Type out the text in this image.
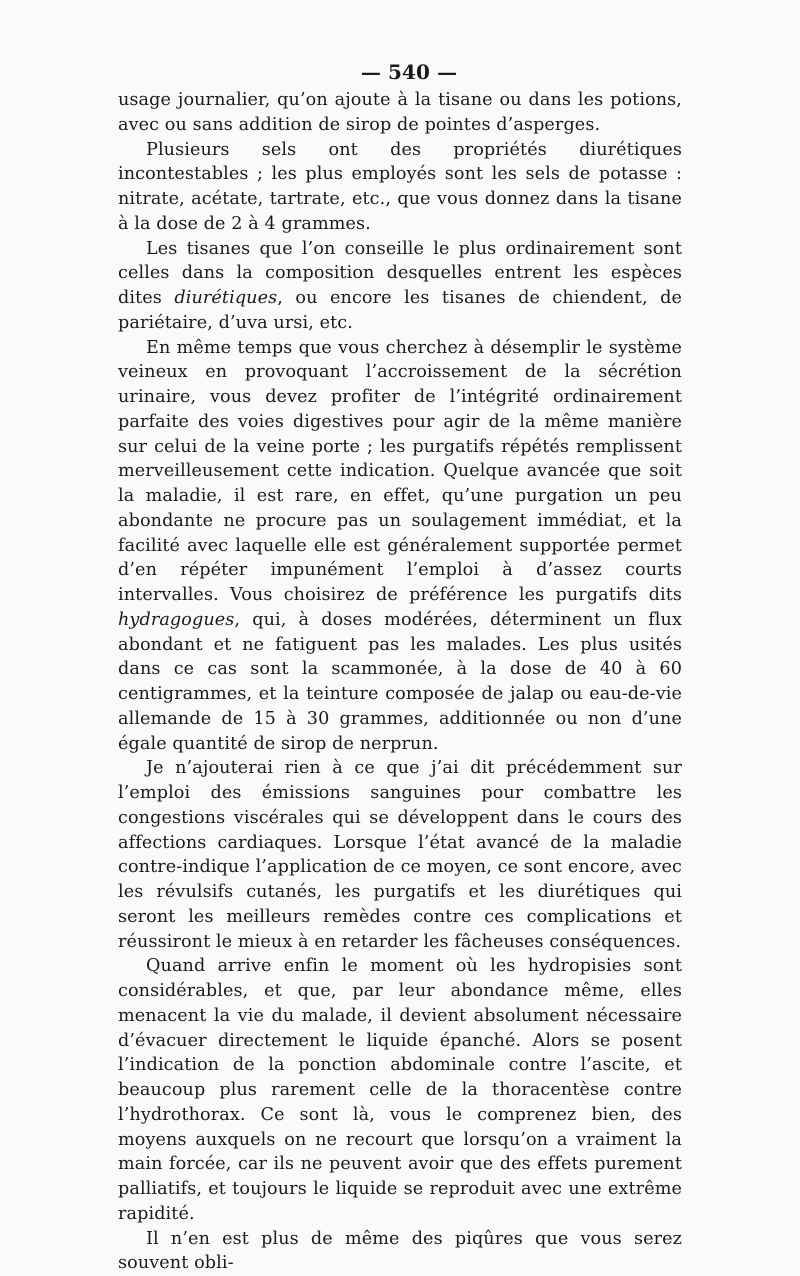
— 540 —

usage journalier, qu’on ajoute à la tisane ou dans les potions, avec ou sans addition de sirop de pointes d’asperges.

Plusieurs sels ont des propriétés diurétiques incontestables ; les plus employés sont les sels de potasse : nitrate, acétate, tartrate, etc., que vous donnez dans la tisane à la dose de 2 à 4 grammes.

Les tisanes que l’on conseille le plus ordinairement sont celles dans la composition desquelles entrent les espèces dites diurétiques, ou encore les tisanes de chiendent, de pariétaire, d’uva ursi, etc.

En même temps que vous cherchez à désemplir le système veineux en provoquant l’accroissement de la sécrétion urinaire, vous devez profiter de l’intégrité ordinairement parfaite des voies digestives pour agir de la même manière sur celui de la veine porte ; les purgatifs répétés remplissent merveilleusement cette indication. Quelque avancée que soit la maladie, il est rare, en effet, qu’une purgation un peu abondante ne procure pas un soulagement immédiat, et la facilité avec laquelle elle est généralement supportée permet d’en répéter impunément l’emploi à d’assez courts intervalles. Vous choisirez de préférence les purgatifs dits hydragogues, qui, à doses modérées, déterminent un flux abondant et ne fatiguent pas les malades. Les plus usités dans ce cas sont la scammonée, à la dose de 40 à 60 centigrammes, et la teinture composée de jalap ou eau-de-vie allemande de 15 à 30 grammes, additionnée ou non d’une égale quantité de sirop de nerprun.

Je n’ajouterai rien à ce que j’ai dit précédemment sur l’emploi des émissions sanguines pour combattre les congestions viscérales qui se développent dans le cours des affections cardiaques. Lorsque l’état avancé de la maladie contre-indique l’application de ce moyen, ce sont encore, avec les révulsifs cutanés, les purgatifs et les diurétiques qui seront les meilleurs remèdes contre ces complications et réussiront le mieux à en retarder les fâcheuses conséquences.

Quand arrive enfin le moment où les hydropisies sont considérables, et que, par leur abondance même, elles menacent la vie du malade, il devient absolument nécessaire d’évacuer directement le liquide épanché. Alors se posent l’indication de la ponction abdominale contre l’ascite, et beaucoup plus rarement celle de la thoracentèse contre l’hydrothorax. Ce sont là, vous le comprenez bien, des moyens auxquels on ne recourt que lorsqu’on a vraiment la main forcée, car ils ne peuvent avoir que des effets purement palliatifs, et toujours le liquide se reproduit avec une extrême rapidité.

Il n’en est plus de même des piqûres que vous serez souvent obli-
